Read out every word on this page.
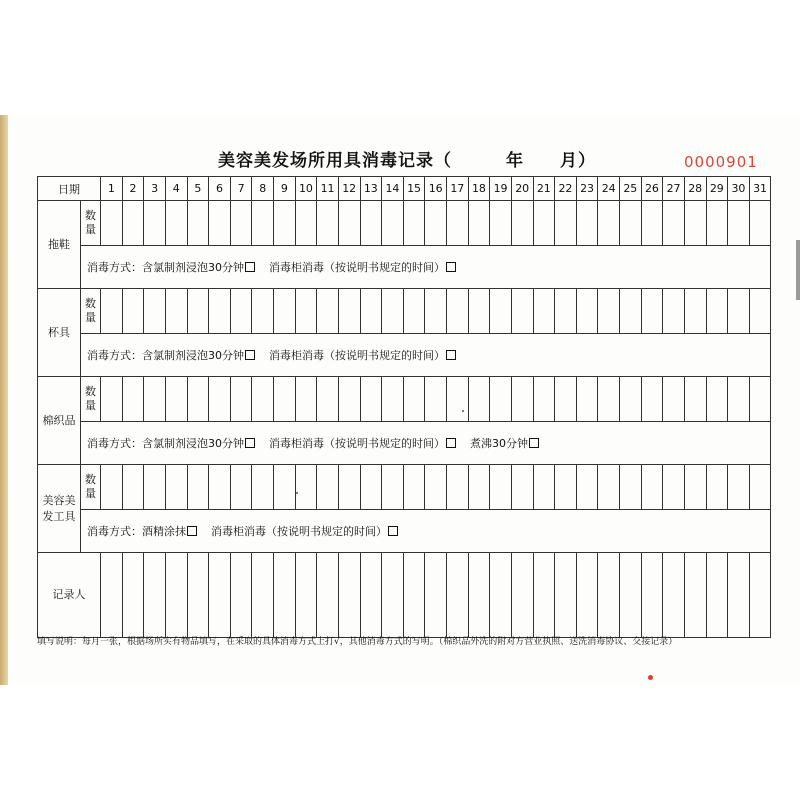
美容美发场所用具消毒记录（　　　年　　月）	0000901
日期		1	2	3	4	5	6	7	8	9	10	11	12	13	14	15	16	17	18	19	20	21	22	23	24	25	26	27	28	29	30	31
拖鞋	数量																															
	消毒方式：含氯制剂浸泡30分钟 消毒柜消毒（按说明书规定的时间）																															
杯具	数量																															
	消毒方式：含氯制剂浸泡30分钟 消毒柜消毒（按说明书规定的时间）																															
棉织品	数量																															
	消毒方式：含氯制剂浸泡30分钟 消毒柜消毒（按说明书规定的时间） 煮沸30分钟																															
美容美发工具	数量																															
	消毒方式：酒精涂抹 消毒柜消毒（按说明书规定的时间）																															
记录人																																
填写说明：每月一张，根据场所实有物品填写，在采取的具体消毒方式上打√，其他消毒方式的写明。（棉织品外洗的附对方营业执照、送洗消毒协议、交接记录）
